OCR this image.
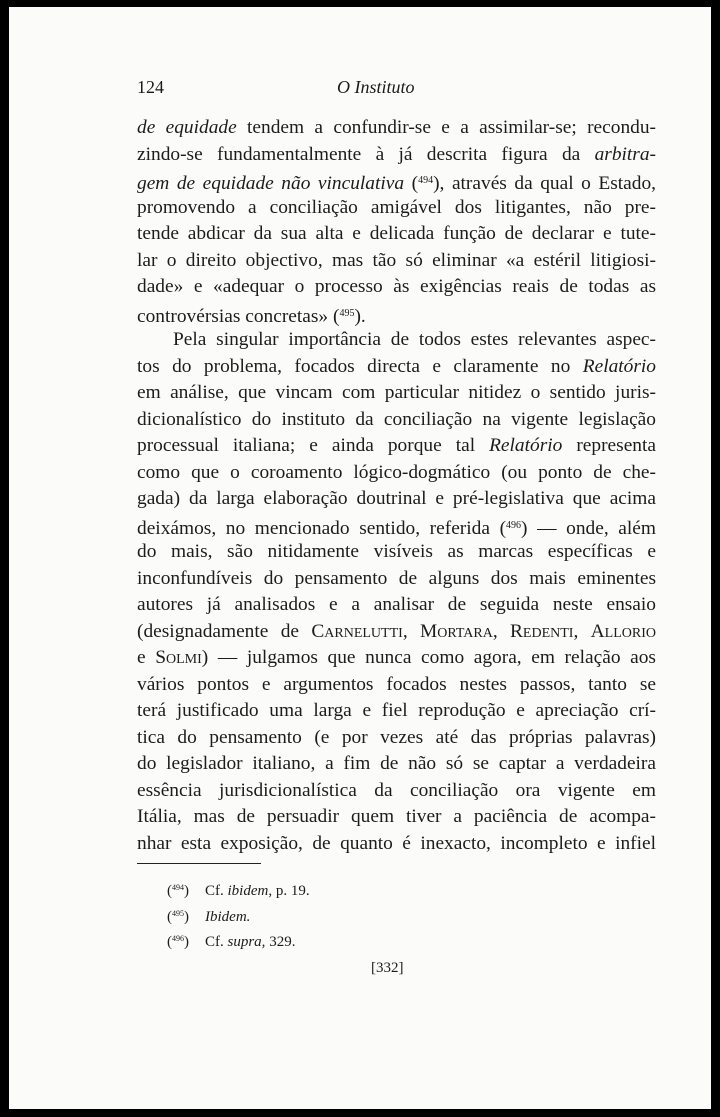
124	O Instituto
de equidade tendem a confundir-se e a assimilar-se; recondu-
zindo-se fundamentalmente à já descrita figura da arbitra-
gem de equidade não vinculativa ($^{494}$), através da qual o Estado,
promovendo a conciliação amigável dos litigantes, não pre-
tende abdicar da sua alta e delicada função de declarar e tute-
lar o direito objectivo, mas tão só eliminar «a estéril litigiosi-
dade» e «adequar o processo às exigências reais de todas as
controvérsias concretas» ($^{495}$).
Pela singular importância de todos estes relevantes aspec-
tos do problema, focados directa e claramente no Relatório
em análise, que vincam com particular nitidez o sentido juris-
dicionalístico do instituto da conciliação na vigente legislação
processual italiana; e ainda porque tal Relatório representa
como que o coroamento lógico-dogmático (ou ponto de che-
gada) da larga elaboração doutrinal e pré-legislativa que acima
deixámos, no mencionado sentido, referida ($^{496}$) — onde, além
do mais, são nitidamente visíveis as marcas específicas e
inconfundíveis do pensamento de alguns dos mais eminentes
autores já analisados e a analisar de seguida neste ensaio
(designadamente de Carnelutti, Mortara, Redenti, Allorio
e Solmi) — julgamos que nunca como agora, em relação aos
vários pontos e argumentos focados nestes passos, tanto se
terá justificado uma larga e fiel reprodução e apreciação crí-
tica do pensamento (e por vezes até das próprias palavras)
do legislador italiano, a fim de não só se captar a verdadeira
essência jurisdicionalística da conciliação ora vigente em
Itália, mas de persuadir quem tiver a paciência de acompa-
nhar esta exposição, de quanto é inexacto, incompleto e infiel
($^{494}$) Cf. ibidem, p. 19.
($^{495}$) Ibidem.
($^{496}$) Cf. supra, 329.
[332]
